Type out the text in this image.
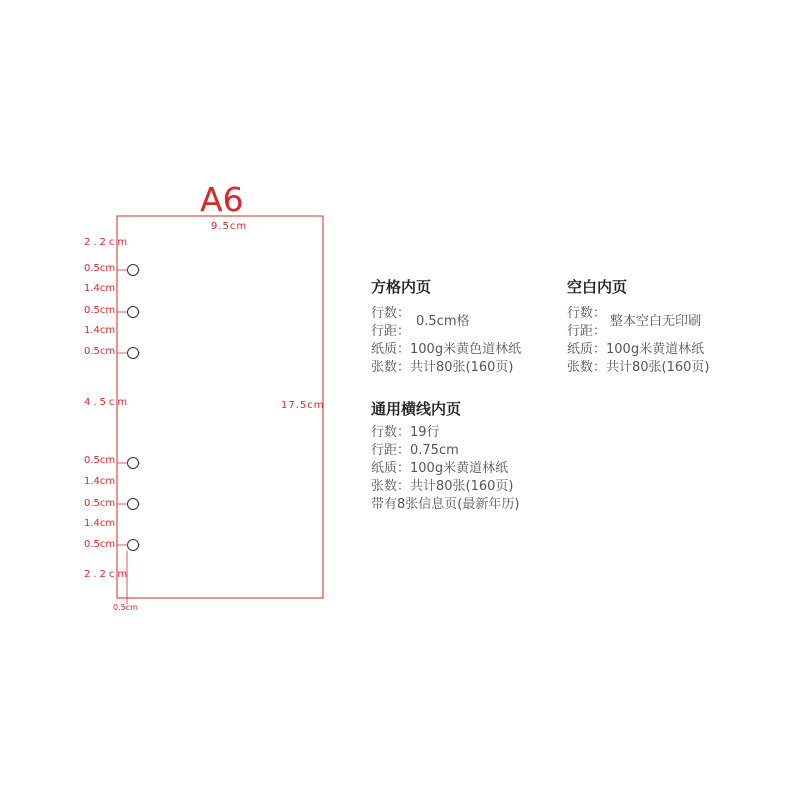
A6
9.5cm
17.5cm
0.5cm
2.2cm
0.5cm
1.4cm
0.5cm
1.4cm
0.5cm
4.5cm
0.5cm
1.4cm
0.5cm
1.4cm
0.5cm
2.2cm
方格内页
行数：
行距：
0.5cm格
纸质：100g米黄色道林纸
张数：共计80张(160页)
空白内页
行数：
行距：
整本空白无印刷
纸质：100g米黄道林纸
张数：共计80张(160页)
通用横线内页
行数：19行
行距：0.75cm
纸质：100g米黄道林纸
张数：共计80张(160页)
带有8张信息页(最新年历)
